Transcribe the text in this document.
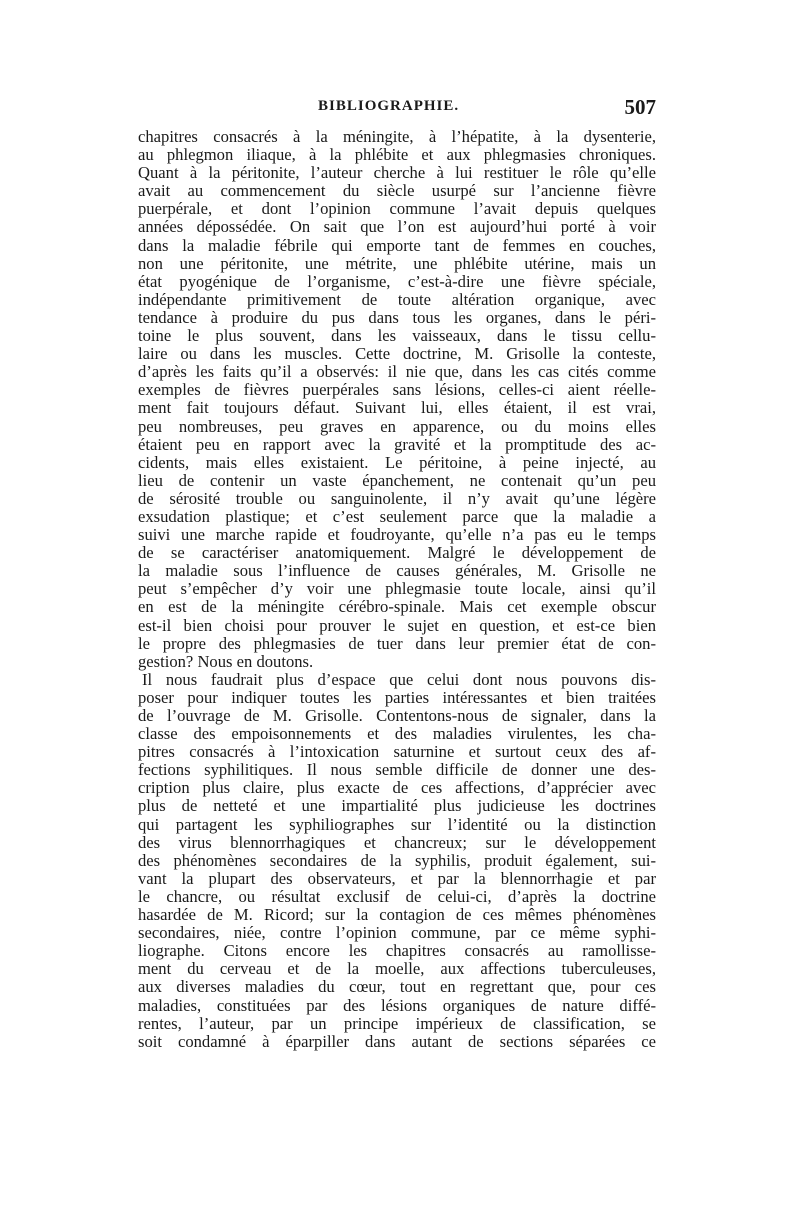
BIBLIOGRAPHIE.	507
chapitres consacrés à la méningite, à l’hépatite, à la dysenterie,
au phlegmon iliaque, à la phlébite et aux phlegmasies chroniques.
Quant à la péritonite, l’auteur cherche à lui restituer le rôle qu’elle
avait au commencement du siècle usurpé sur l’ancienne fièvre
puerpérale, et dont l’opinion commune l’avait depuis quelques
années dépossédée. On sait que l’on est aujourd’hui porté à voir
dans la maladie fébrile qui emporte tant de femmes en couches,
non une péritonite, une métrite, une phlébite utérine, mais un
état pyogénique de l’organisme, c’est-à-dire une fièvre spéciale,
indépendante primitivement de toute altération organique, avec
tendance à produire du pus dans tous les organes, dans le péri-
toine le plus souvent, dans les vaisseaux, dans le tissu cellu-
laire ou dans les muscles. Cette doctrine, M. Grisolle la conteste,
d’après les faits qu’il a observés: il nie que, dans les cas cités comme
exemples de fièvres puerpérales sans lésions, celles-ci aient réelle-
ment fait toujours défaut. Suivant lui, elles étaient, il est vrai,
peu nombreuses, peu graves en apparence, ou du moins elles
étaient peu en rapport avec la gravité et la promptitude des ac-
cidents, mais elles existaient. Le péritoine, à peine injecté, au
lieu de contenir un vaste épanchement, ne contenait qu’un peu
de sérosité trouble ou sanguinolente, il n’y avait qu’une légère
exsudation plastique; et c’est seulement parce que la maladie a
suivi une marche rapide et foudroyante, qu’elle n’a pas eu le temps
de se caractériser anatomiquement. Malgré le développement de
la maladie sous l’influence de causes générales, M. Grisolle ne
peut s’empêcher d’y voir une phlegmasie toute locale, ainsi qu’il
en est de la méningite cérébro-spinale. Mais cet exemple obscur
est-il bien choisi pour prouver le sujet en question, et est-ce bien
le propre des phlegmasies de tuer dans leur premier état de con-
gestion? Nous en doutons.
Il nous faudrait plus d’espace que celui dont nous pouvons dis-
poser pour indiquer toutes les parties intéressantes et bien traitées
de l’ouvrage de M. Grisolle. Contentons-nous de signaler, dans la
classe des empoisonnements et des maladies virulentes, les cha-
pitres consacrés à l’intoxication saturnine et surtout ceux des af-
fections syphilitiques. Il nous semble difficile de donner une des-
cription plus claire, plus exacte de ces affections, d’apprécier avec
plus de netteté et une impartialité plus judicieuse les doctrines
qui partagent les syphiliographes sur l’identité ou la distinction
des virus blennorrhagiques et chancreux; sur le développement
des phénomènes secondaires de la syphilis, produit également, sui-
vant la plupart des observateurs, et par la blennorrhagie et par
le chancre, ou résultat exclusif de celui-ci, d’après la doctrine
hasardée de M. Ricord; sur la contagion de ces mêmes phénomènes
secondaires, niée, contre l’opinion commune, par ce même syphi-
liographe. Citons encore les chapitres consacrés au ramollisse-
ment du cerveau et de la moelle, aux affections tuberculeuses,
aux diverses maladies du cœur, tout en regrettant que, pour ces
maladies, constituées par des lésions organiques de nature diffé-
rentes, l’auteur, par un principe impérieux de classification, se
soit condamné à éparpiller dans autant de sections séparées ce
